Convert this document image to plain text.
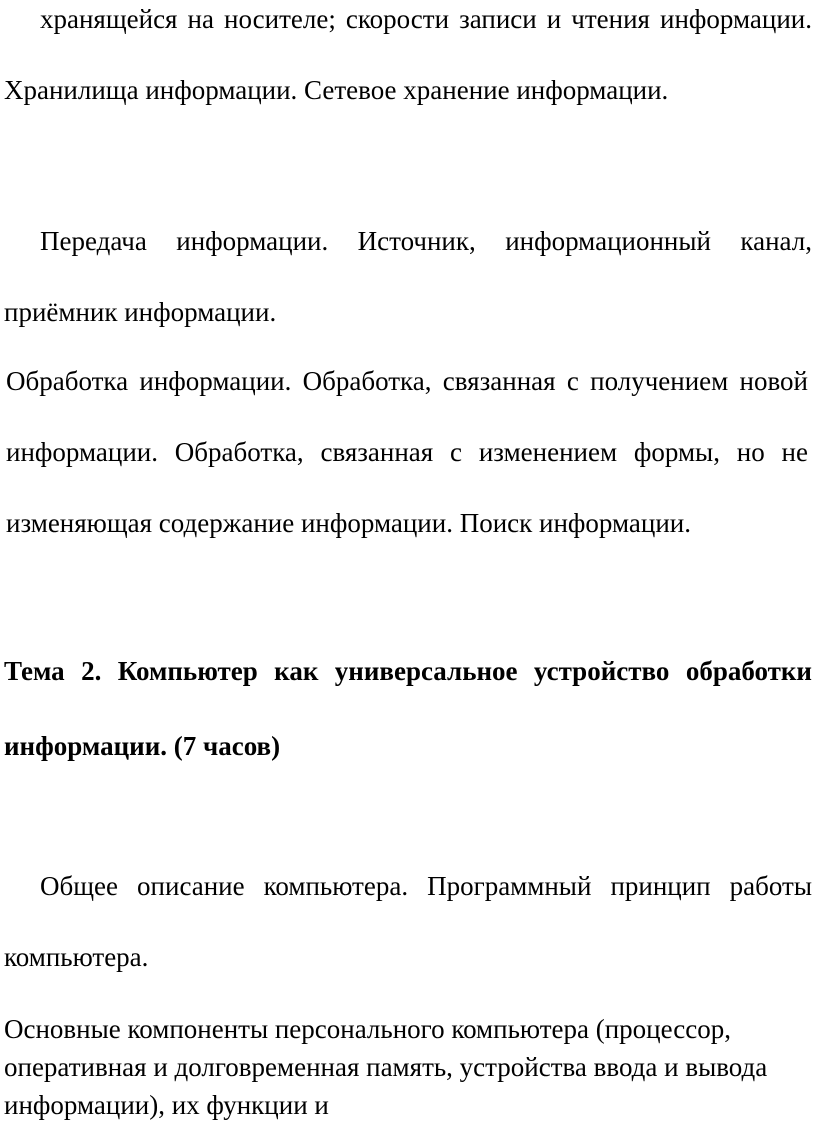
хранящейся на носителе; скорости записи и чтения информации. Хранилища информации. Сетевое хранение информации.

Передача информации. Источник, информационный канал, приёмник информации.

Обработка информации. Обработка, связанная с получением новой информации. Обработка, связанная с изменением формы, но не изменяющая содержание информации. Поиск информации.

Тема 2. Компьютер как универсальное устройство обработки информации. (7 часов)

Общее описание компьютера. Программный принцип работы компьютера.

Основные компоненты персонального компьютера (процессор, оперативная и долговременная память, устройства ввода и вывода информации), их функции и
